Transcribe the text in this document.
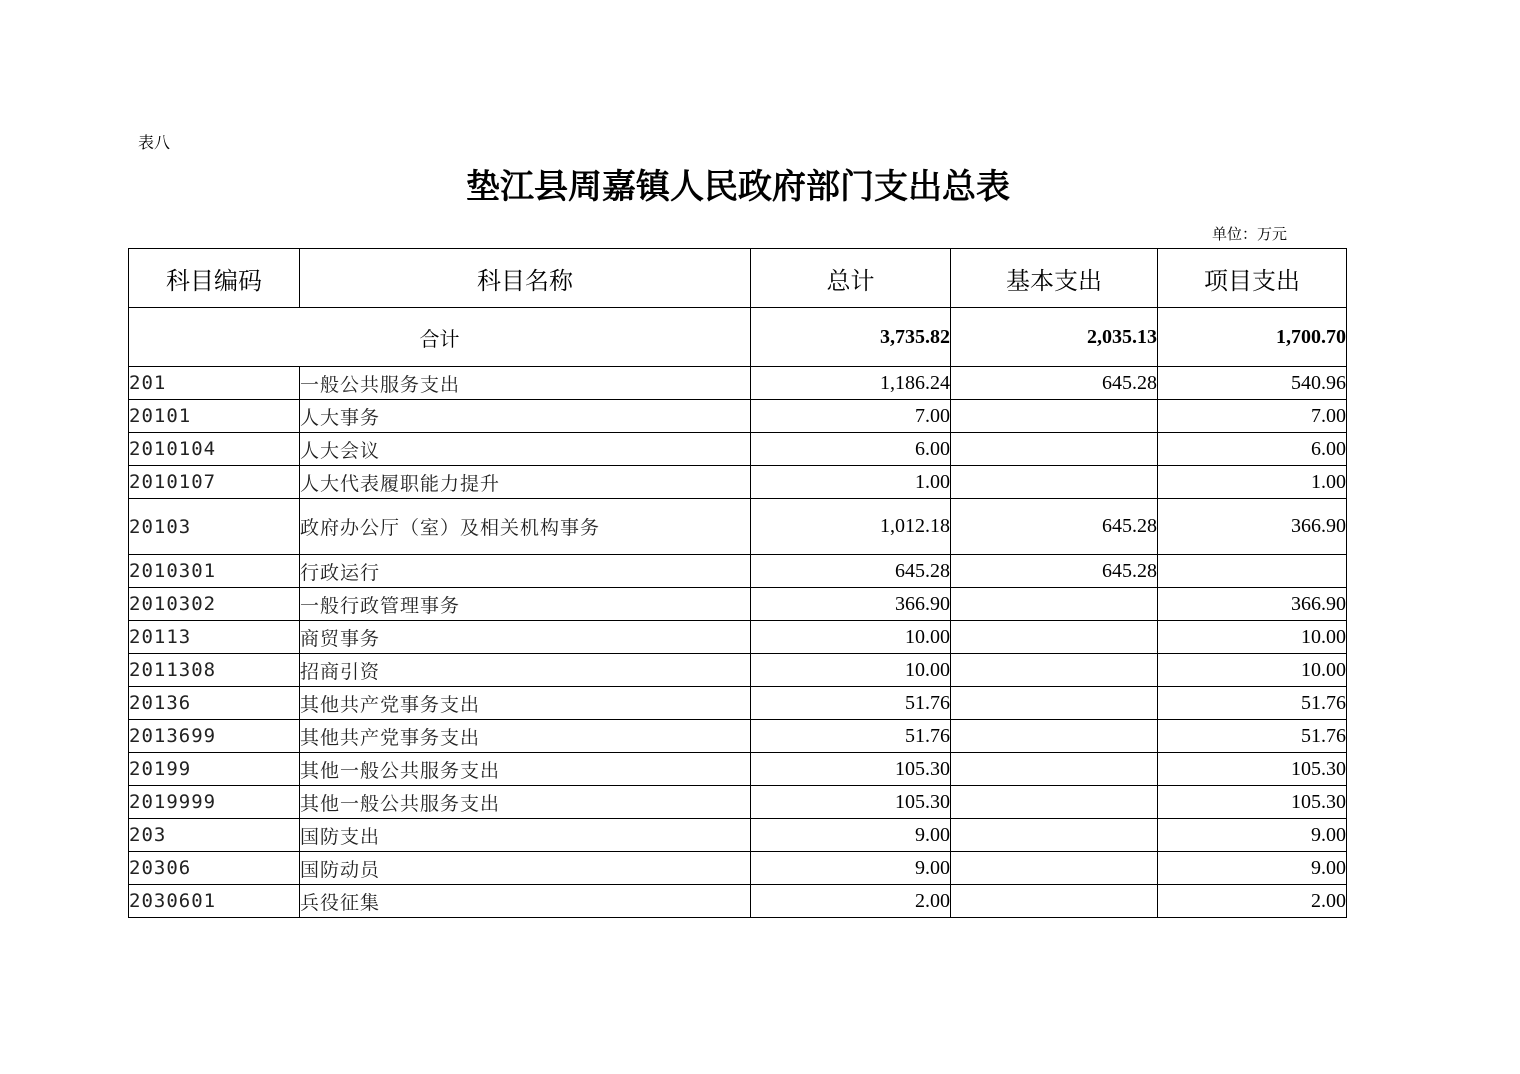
表八
垫江县周嘉镇人民政府部门支出总表
单位：万元
科目编码	科目名称	总计	基本支出	项目支出
合计		3,735.82	2,035.13	1,700.70
201	一般公共服务支出	1,186.24	645.28	540.96
20101	人大事务	7.00		7.00
2010104	人大会议	6.00		6.00
2010107	人大代表履职能力提升	1.00		1.00
20103	政府办公厅（室）及相关机构事务	1,012.18	645.28	366.90
2010301	行政运行	645.28	645.28	
2010302	一般行政管理事务	366.90		366.90
20113	商贸事务	10.00		10.00
2011308	招商引资	10.00		10.00
20136	其他共产党事务支出	51.76		51.76
2013699	其他共产党事务支出	51.76		51.76
20199	其他一般公共服务支出	105.30		105.30
2019999	其他一般公共服务支出	105.30		105.30
203	国防支出	9.00		9.00
20306	国防动员	9.00		9.00
2030601	兵役征集	2.00		2.00
